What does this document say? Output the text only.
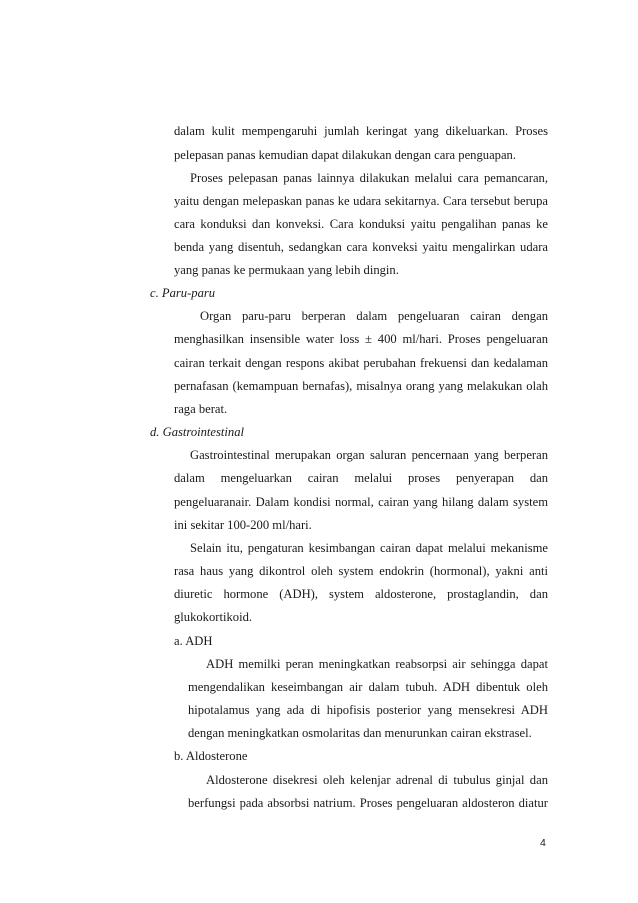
dalam kulit mempengaruhi jumlah keringat yang dikeluarkan. Proses
pelepasan panas kemudian dapat dilakukan dengan cara penguapan.
Proses pelepasan panas lainnya dilakukan melalui cara pemancaran,
yaitu dengan melepaskan panas ke udara sekitarnya. Cara tersebut berupa
cara konduksi dan konveksi. Cara konduksi yaitu pengalihan panas ke
benda yang disentuh, sedangkan cara konveksi yaitu mengalirkan udara
yang panas ke permukaan yang lebih dingin.
c. Paru-paru
Organ paru-paru berperan dalam pengeluaran cairan dengan
menghasilkan insensible water loss ± 400 ml/hari. Proses pengeluaran
cairan terkait dengan respons akibat perubahan frekuensi dan kedalaman
pernafasan (kemampuan bernafas), misalnya orang yang melakukan olah
raga berat.
d. Gastrointestinal
Gastrointestinal merupakan organ saluran pencernaan yang berperan
dalam mengeluarkan cairan melalui proses penyerapan dan
pengeluaranair. Dalam kondisi normal, cairan yang hilang dalam system
ini sekitar 100-200 ml/hari.
Selain itu, pengaturan kesimbangan cairan dapat melalui mekanisme
rasa haus yang dikontrol oleh system endokrin (hormonal), yakni anti
diuretic hormone (ADH), system aldosterone, prostaglandin, dan
glukokortikoid.
a. ADH
ADH memilki peran meningkatkan reabsorpsi air sehingga dapat
mengendalikan keseimbangan air dalam tubuh. ADH dibentuk oleh
hipotalamus yang ada di hipofisis posterior yang mensekresi ADH
dengan meningkatkan osmolaritas dan menurunkan cairan ekstrasel.
b. Aldosterone
Aldosterone disekresi oleh kelenjar adrenal di tubulus ginjal dan
berfungsi pada absorbsi natrium. Proses pengeluaran aldosteron diatur
4
